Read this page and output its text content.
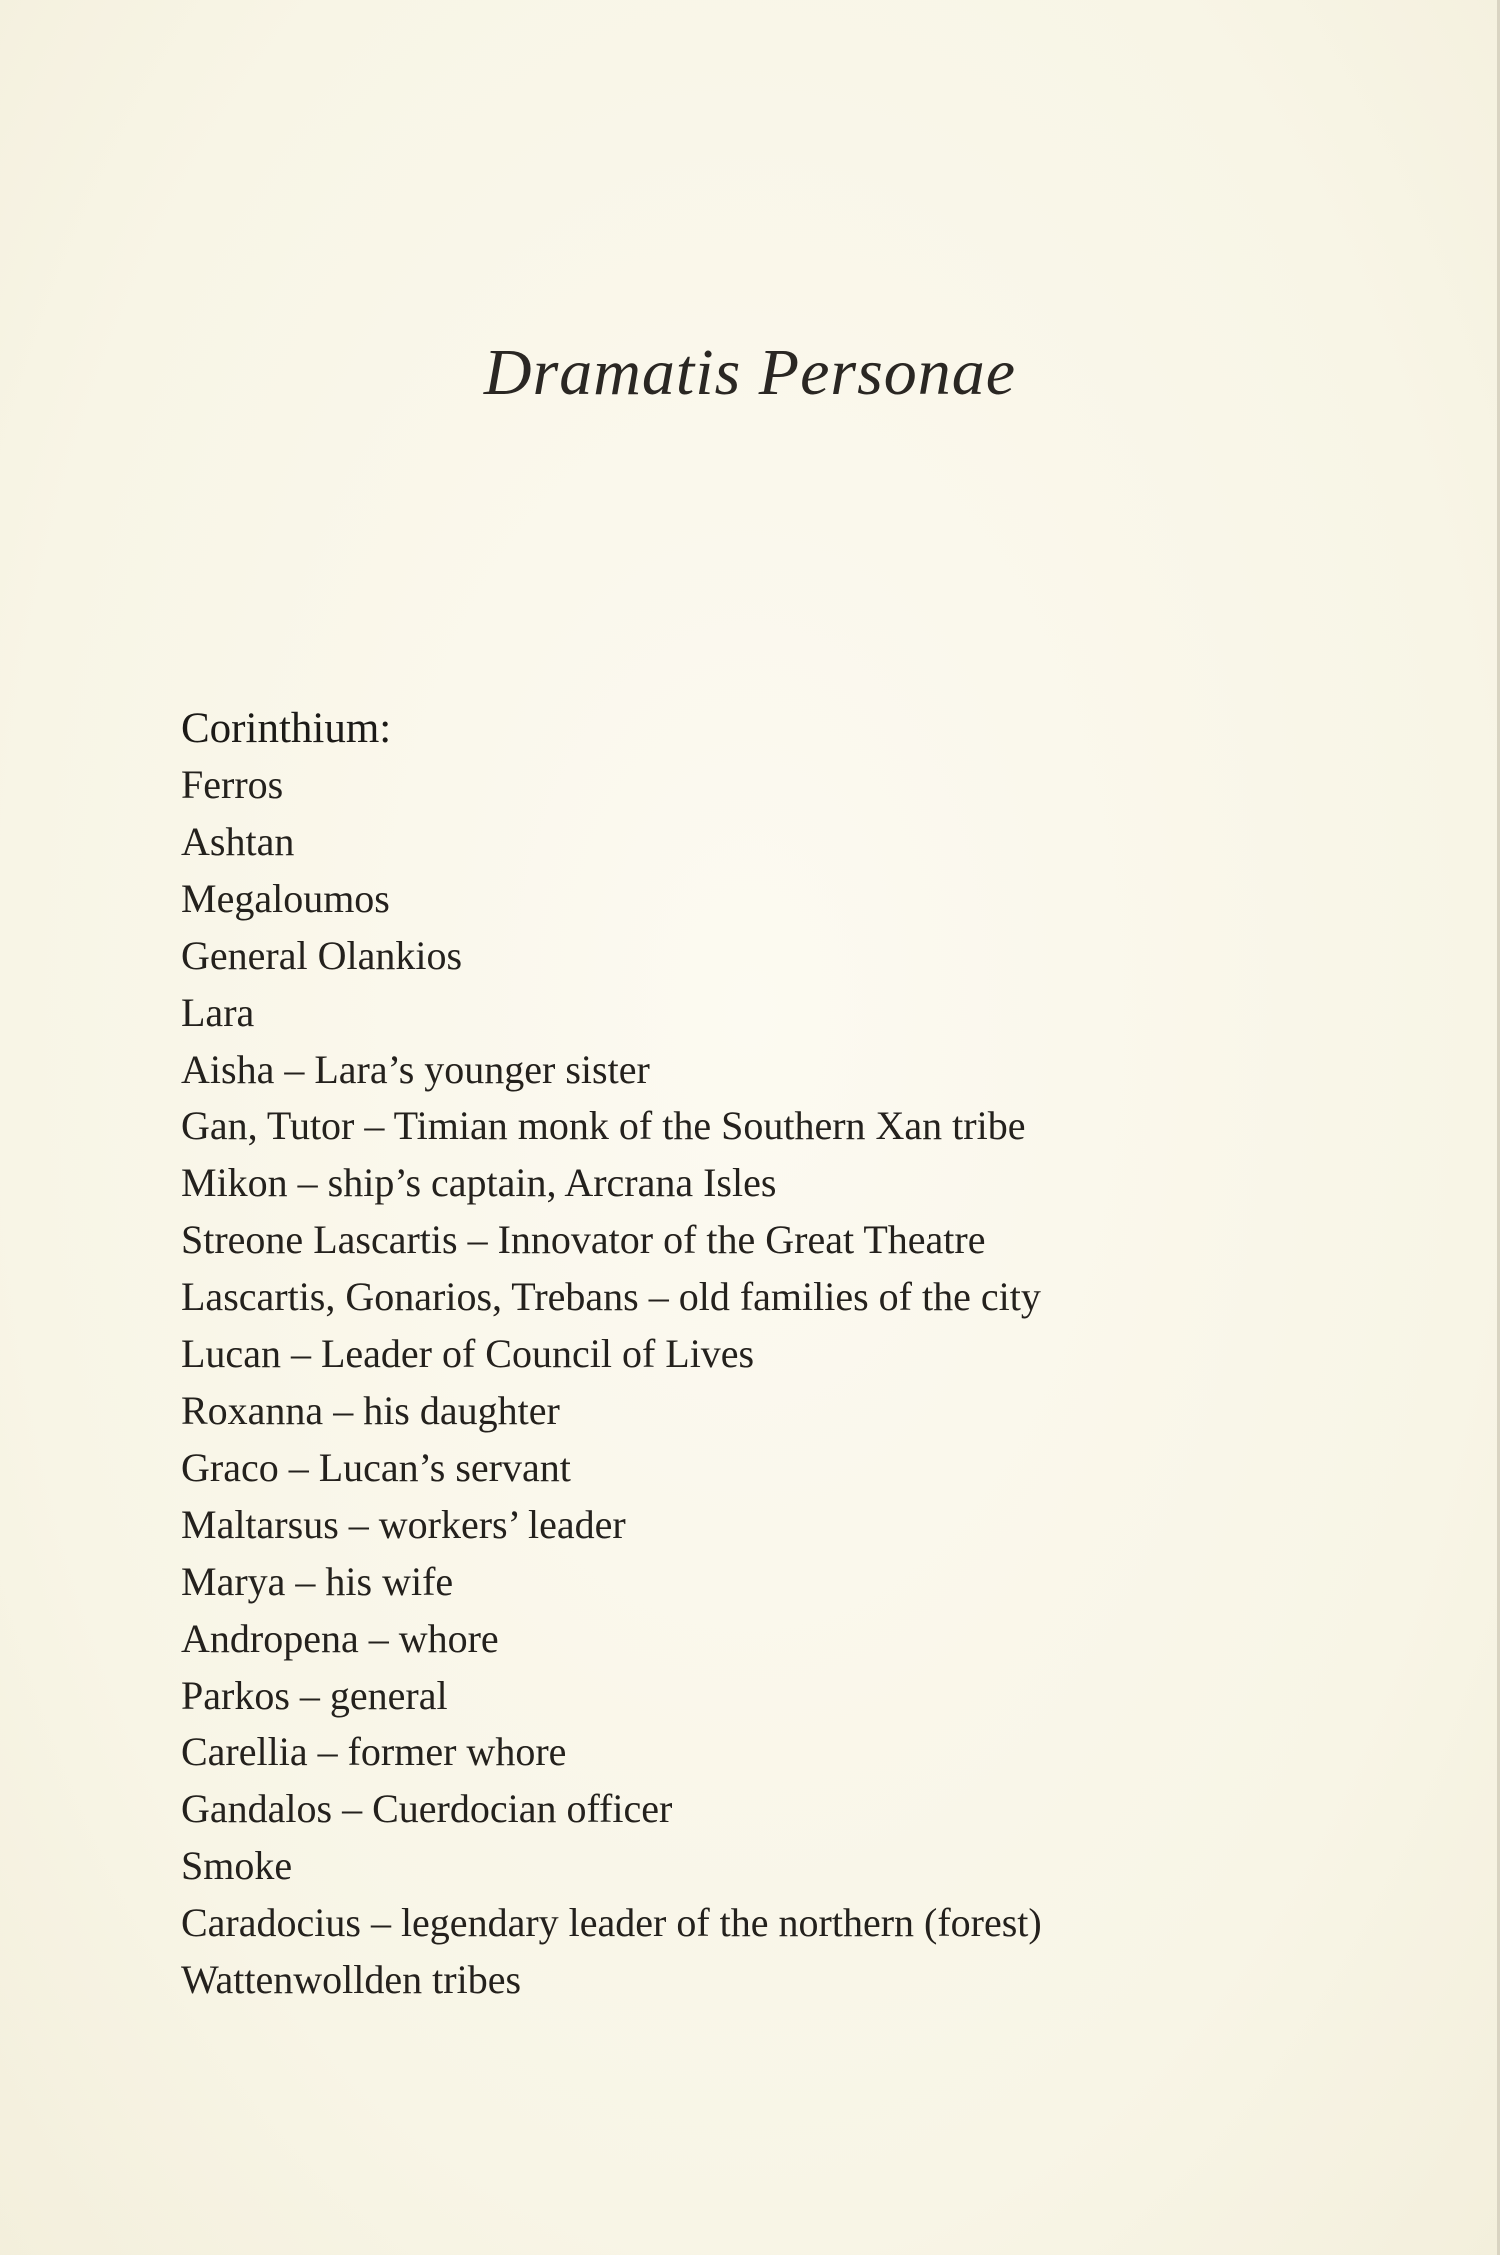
Dramatis Personae
Corinthium:
Ferros
Ashtan
Megaloumos
General Olankios
Lara
Aisha – Lara’s younger sister
Gan, Tutor – Timian monk of the Southern Xan tribe
Mikon – ship’s captain, Arcrana Isles
Streone Lascartis – Innovator of the Great Theatre
Lascartis, Gonarios, Trebans – old families of the city
Lucan – Leader of Council of Lives
Roxanna – his daughter
Graco – Lucan’s servant
Maltarsus – workers’ leader
Marya – his wife
Andropena – whore
Parkos – general
Carellia – former whore
Gandalos – Cuerdocian officer
Smoke
Caradocius – legendary leader of the northern (forest)
Wattenwollden tribes
